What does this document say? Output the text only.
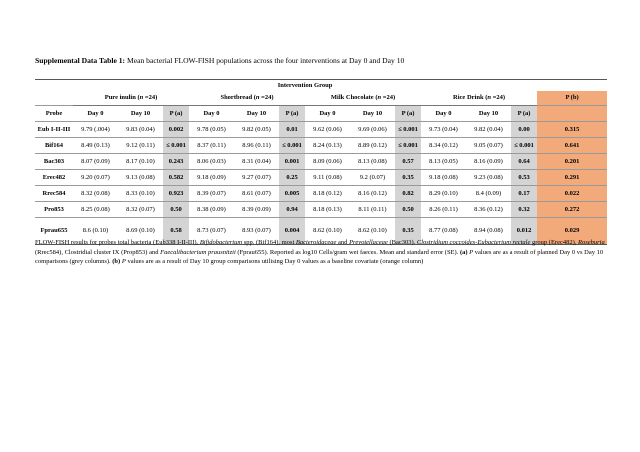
Supplemental Data Table 1: Mean bacterial FLOW-FISH populations across the four interventions at Day 0 and Day 10
	Intervention Group												
	Pure inulin (n =24)			Shortbread (n =24)			Milk Chocolate (n =24)			Rice Drink (n =24)			P (b)
Probe	Day 0	Day 10	P (a)	Day 0	Day 10	P (a)	Day 0	Day 10	P (a)	Day 0	Day 10	P (a)	
Eub I-II-III	9.79 (.004)	9.83 (0.04)	0.002	9.78 (0.05)	9.82 (0.05)	0.01	9.62 (0.06)	9.69 (0.06)	≤ 0.001	9.73 (0.04)	9.82 (0.04)	0.00	0.315
Bif164	8.49 (0.13)	9.12 (0.11)	≤ 0.001	8.37 (0.11)	8.96 (0.11)	≤ 0.001	8.24 (0.13)	8.89 (0.12)	≤ 0.001	8.34 (0.12)	9.05 (0.07)	≤ 0.001	0.641
Bac303	8.07 (0.09)	8.17 (0.10)	0.243	8.06 (0.03)	8.31 (0.04)	0.001	8.09 (0.06)	8.13 (0.08)	0.57	8.13 (0.05)	8.16 (0.09)	0.64	0.201
Erec482	9.20 (0.07)	9.13 (0.08)	0.582	9.18 (0.09)	9.27 (0.07)	0.25	9.11 (0.08)	9.2 (0.07)	0.35	9.18 (0.08)	9.23 (0.08)	0.53	0.291
Rrec584	8.32 (0.08)	8.33 (0.10)	0.923	8.39 (0.07)	8.61 (0.07)	0.005	8.18 (0.12)	8.16 (0.12)	0.82	8.29 (0.10)	8.4 (0.09)	0.17	0.022
Pro853	8.25 (0.08)	8.32 (0.07)	0.50	8.38 (0.09)	8.39 (0.09)	0.94	8.18 (0.13)	8.11 (0.11)	0.50	8.26 (0.11)	8.36 (0.12)	0.32	0.272
Fprau655	8.6 (0.10)	8.69 (0.10)	0.58	8.73 (0.07)	8.93 (0.07)	0.004	8.62 (0.10)	8.62 (0.10)	0.35	8.77 (0.08)	8.94 (0.08)	0.012	0.029
FLOW-FISH results for probes total bacteria (Eub338 I-II-III), Bifidobacterium spp. (Bif164), most Bacteroidaceae and Prevotellaceae (Bac303). Clostridium coccoides-Eubacterium rectale group (Erec482), Roseburia (Rrec584), Clostridial cluster IX (Prop853) and Faecalibacterium prausnitzii (Fprau655). Reported as log10 Cells/gram wet faeces. Mean and standard error (SE). (a) P values are as a result of planned Day 0 vs Day 10 comparisons (grey columns). (b) P values are as a result of Day 10 group comparisons utilising Day 0 values as a baseline covariate (orange column)
